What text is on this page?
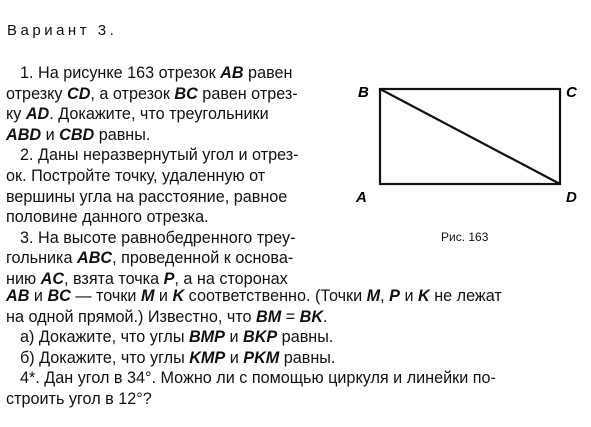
Вариант 3.
1. На рисунке 163 отрезок AB равен
отрезку CD, а отрезок BC равен отрез-
ку AD. Докажите, что треугольники
ABD и CBD равны.
2. Даны неразвернутый угол и отрез-
ок. Постройте точку, удаленную от
вершины угла на расстояние, равное
половине данного отрезка.
3. На высоте равнобедренного треу-
гольника ABC, проведенной к основа-
нию AC, взята точка P, а на сторонах
AB и BC — точки M и K соответственно. (Точки M, P и K не лежат
на одной прямой.) Известно, что BM = BK.
а) Докажите, что углы BMP и BKP равны.
б) Докажите, что углы KMP и PKM равны.
4*. Дан угол в 34°. Можно ли с помощью циркуля и линейки по-
строить угол в 12°?
B	C
A	D
Рис. 163
